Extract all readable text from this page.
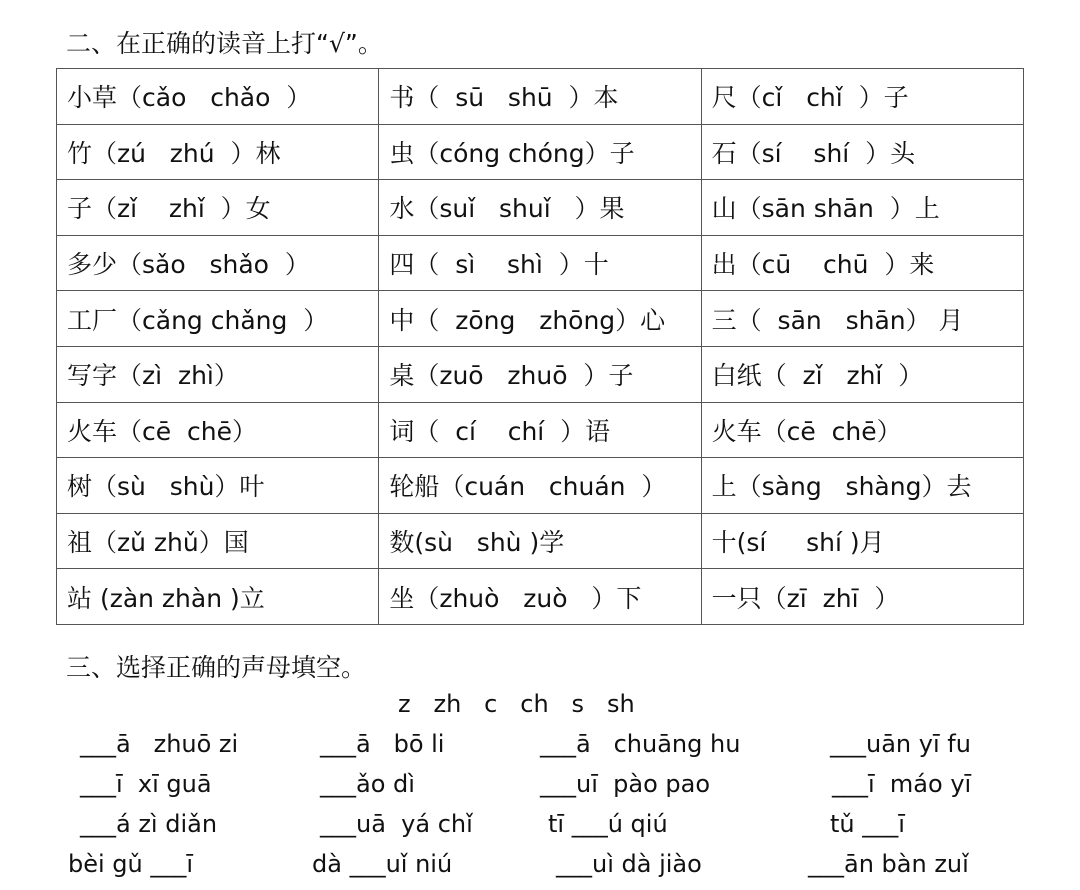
二、在正确的读音上打“√”。
小草（cǎo   chǎo  ）	书（  sū   shū  ）本	尺（cǐ   chǐ  ）子
竹（zú   zhú  ）林	虫（cóng chóng）子	石（sí    shí  ）头
子（zǐ    zhǐ  ）女	水（suǐ   shuǐ   ）果	山（sān shān  ）上
多少（sǎo   shǎo  ）	四（  sì    shì  ）十	出（cū    chū  ）来
工厂（cǎng chǎng  ）	中（  zōng   zhōng）心	三（  sān   shān） 月
写字（zì  zhì）	桌（zuō   zhuō  ）子	白纸（  zǐ   zhǐ  ）
火车（cē  chē）	词（  cí    chí  ）语	火车（cē  chē）
树（sù   shù）叶	轮船（cuán   chuán  ）	上（sàng   shàng）去
祖（zǔ zhǔ）国	数(sù   shù )学	十(sí     shí )月
站 (zàn zhàn )立	坐（zhuò   zuò   ）下	一只（zī  zhī  ）
三、选择正确的声母填空。
z   zh   c   ch   s   sh
___ā   zhuō zi	___ā   bō li	___ā   chuāng hu	___uān yī fu
___ī  xī guā	___ǎo dì	___uī  pào pao	___ī  máo yī
___á zì diǎn	___uā  yá chǐ	tī ___ú qiú	tǔ ___ī
bèi gǔ ___ī	dà ___uǐ niú	___uì dà jiào	___ān bàn zuǐ
